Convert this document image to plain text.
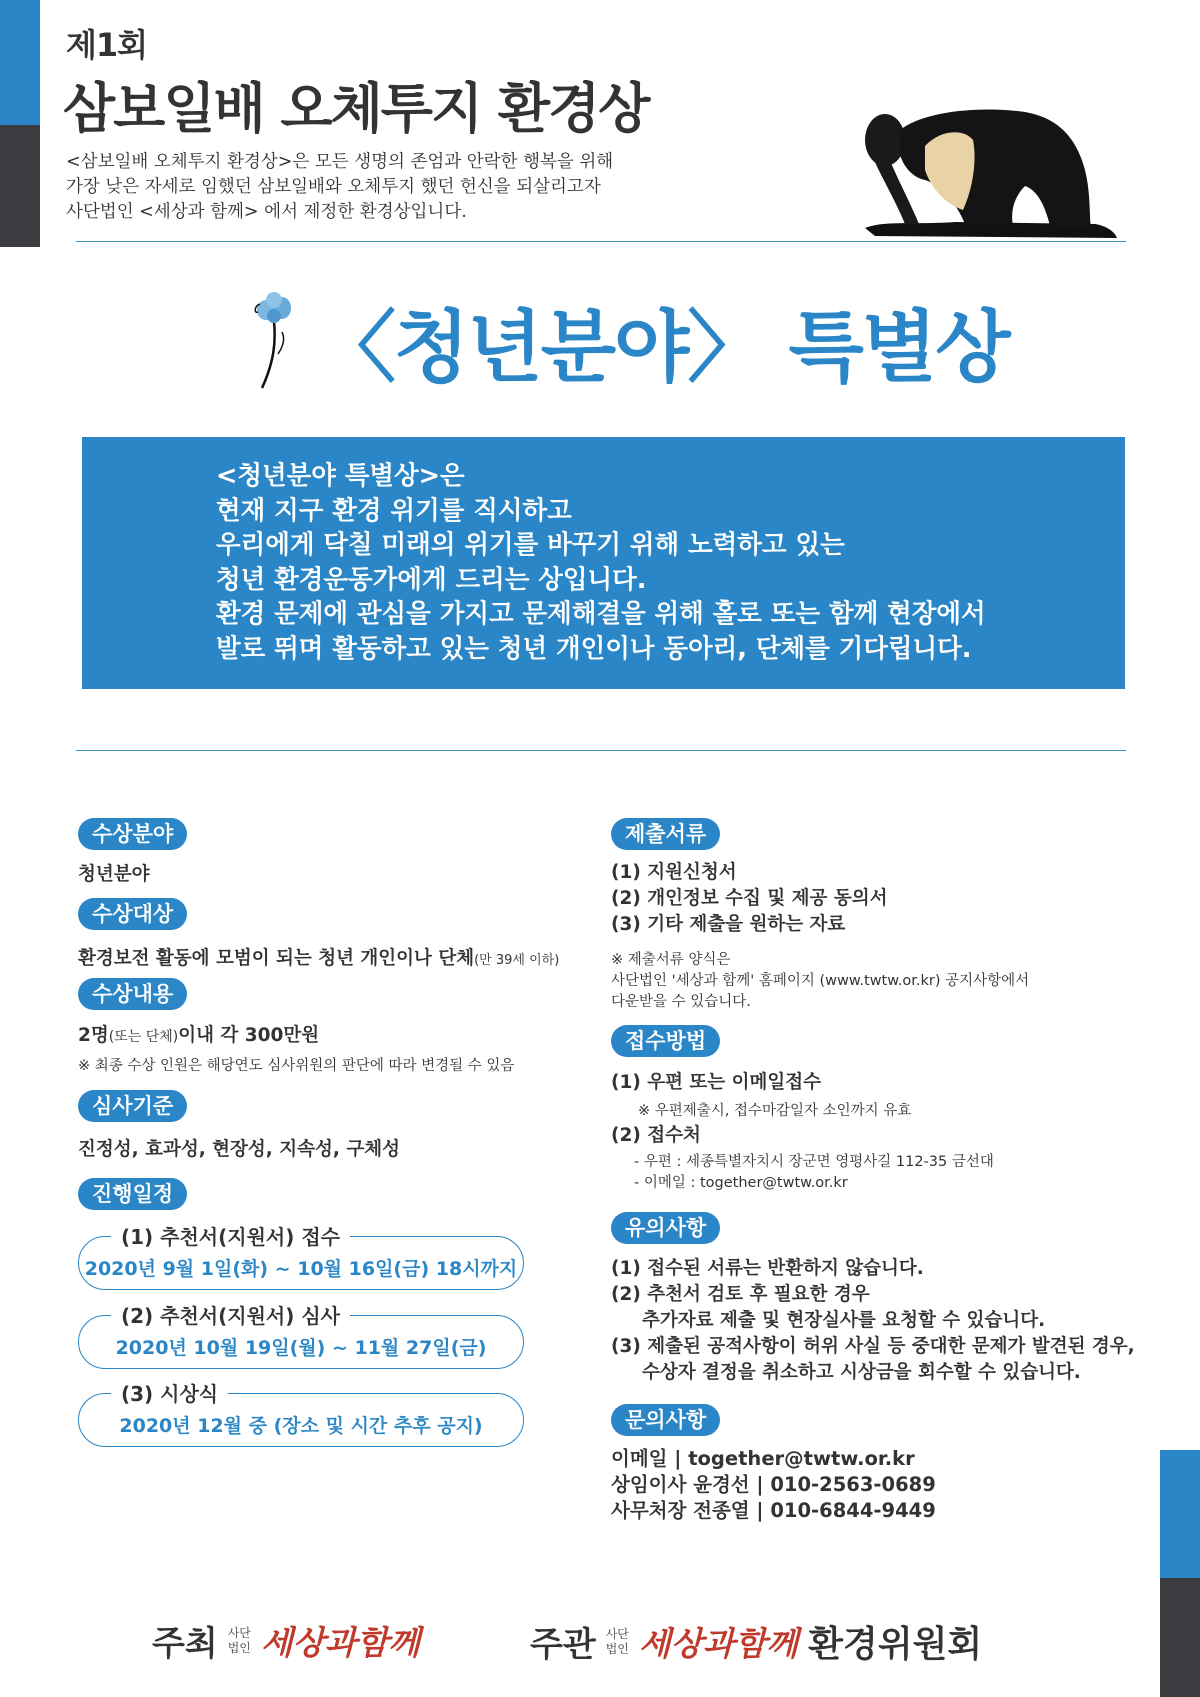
제1회
삼보일배 오체투지 환경상
<삼보일배 오체투지 환경상>은 모든 생명의 존엄과 안락한 행복을 위해
가장 낮은 자세로 임했던 삼보일배와 오체투지 했던 헌신을 되살리고자
사단법인 <세상과 함께> 에서 제정한 환경상입니다.
〈청년분야〉 특별상
<청년분야 특별상>은
현재 지구 환경 위기를 직시하고
우리에게 닥칠 미래의 위기를 바꾸기 위해 노력하고 있는
청년 환경운동가에게 드리는 상입니다.
환경 문제에 관심을 가지고 문제해결을 위해 홀로 또는 함께 현장에서
발로 뛰며 활동하고 있는 청년 개인이나 동아리, 단체를 기다립니다.
수상분야
청년분야
수상대상
환경보전 활동에 모범이 되는 청년 개인이나 단체(만 39세 이하)
수상내용
2명(또는 단체)이내 각 300만원
※ 최종 수상 인원은 해당연도 심사위원의 판단에 따라 변경될 수 있음
심사기준
진정성, 효과성, 현장성, 지속성, 구체성
진행일정
(1) 추천서(지원서) 접수
2020년 9월 1일(화) ~ 10월 16일(금) 18시까지
(2) 추천서(지원서) 심사
2020년 10월 19일(월) ~ 11월 27일(금)
(3) 시상식
2020년 12월 중 (장소 및 시간 추후 공지)
제출서류
(1) 지원신청서
(2) 개인정보 수집 및 제공 동의서
(3) 기타 제출을 원하는 자료
※ 제출서류 양식은
사단법인 '세상과 함께' 홈페이지 (www.twtw.or.kr) 공지사항에서
다운받을 수 있습니다.
접수방법
(1) 우편 또는 이메일접수
※ 우편제출시, 접수마감일자 소인까지 유효
(2) 접수처
- 우편 : 세종특별자치시 장군면 영평사길 112-35 금선대
- 이메일 : together@twtw.or.kr
유의사항
(1) 접수된 서류는 반환하지 않습니다.
(2) 추천서 검토 후 필요한 경우
추가자료 제출 및 현장실사를 요청할 수 있습니다.
(3) 제출된 공적사항이 허위 사실 등 중대한 문제가 발견된 경우,
수상자 결정을 취소하고 시상금을 회수할 수 있습니다.
문의사항
이메일 | together@twtw.or.kr
상임이사 윤경선 | 010-2563-0689
사무처장 전종열 | 010-6844-9449
주최 사단
법인 세상과함께	주관 사단
법인 세상과함께 환경위원회
